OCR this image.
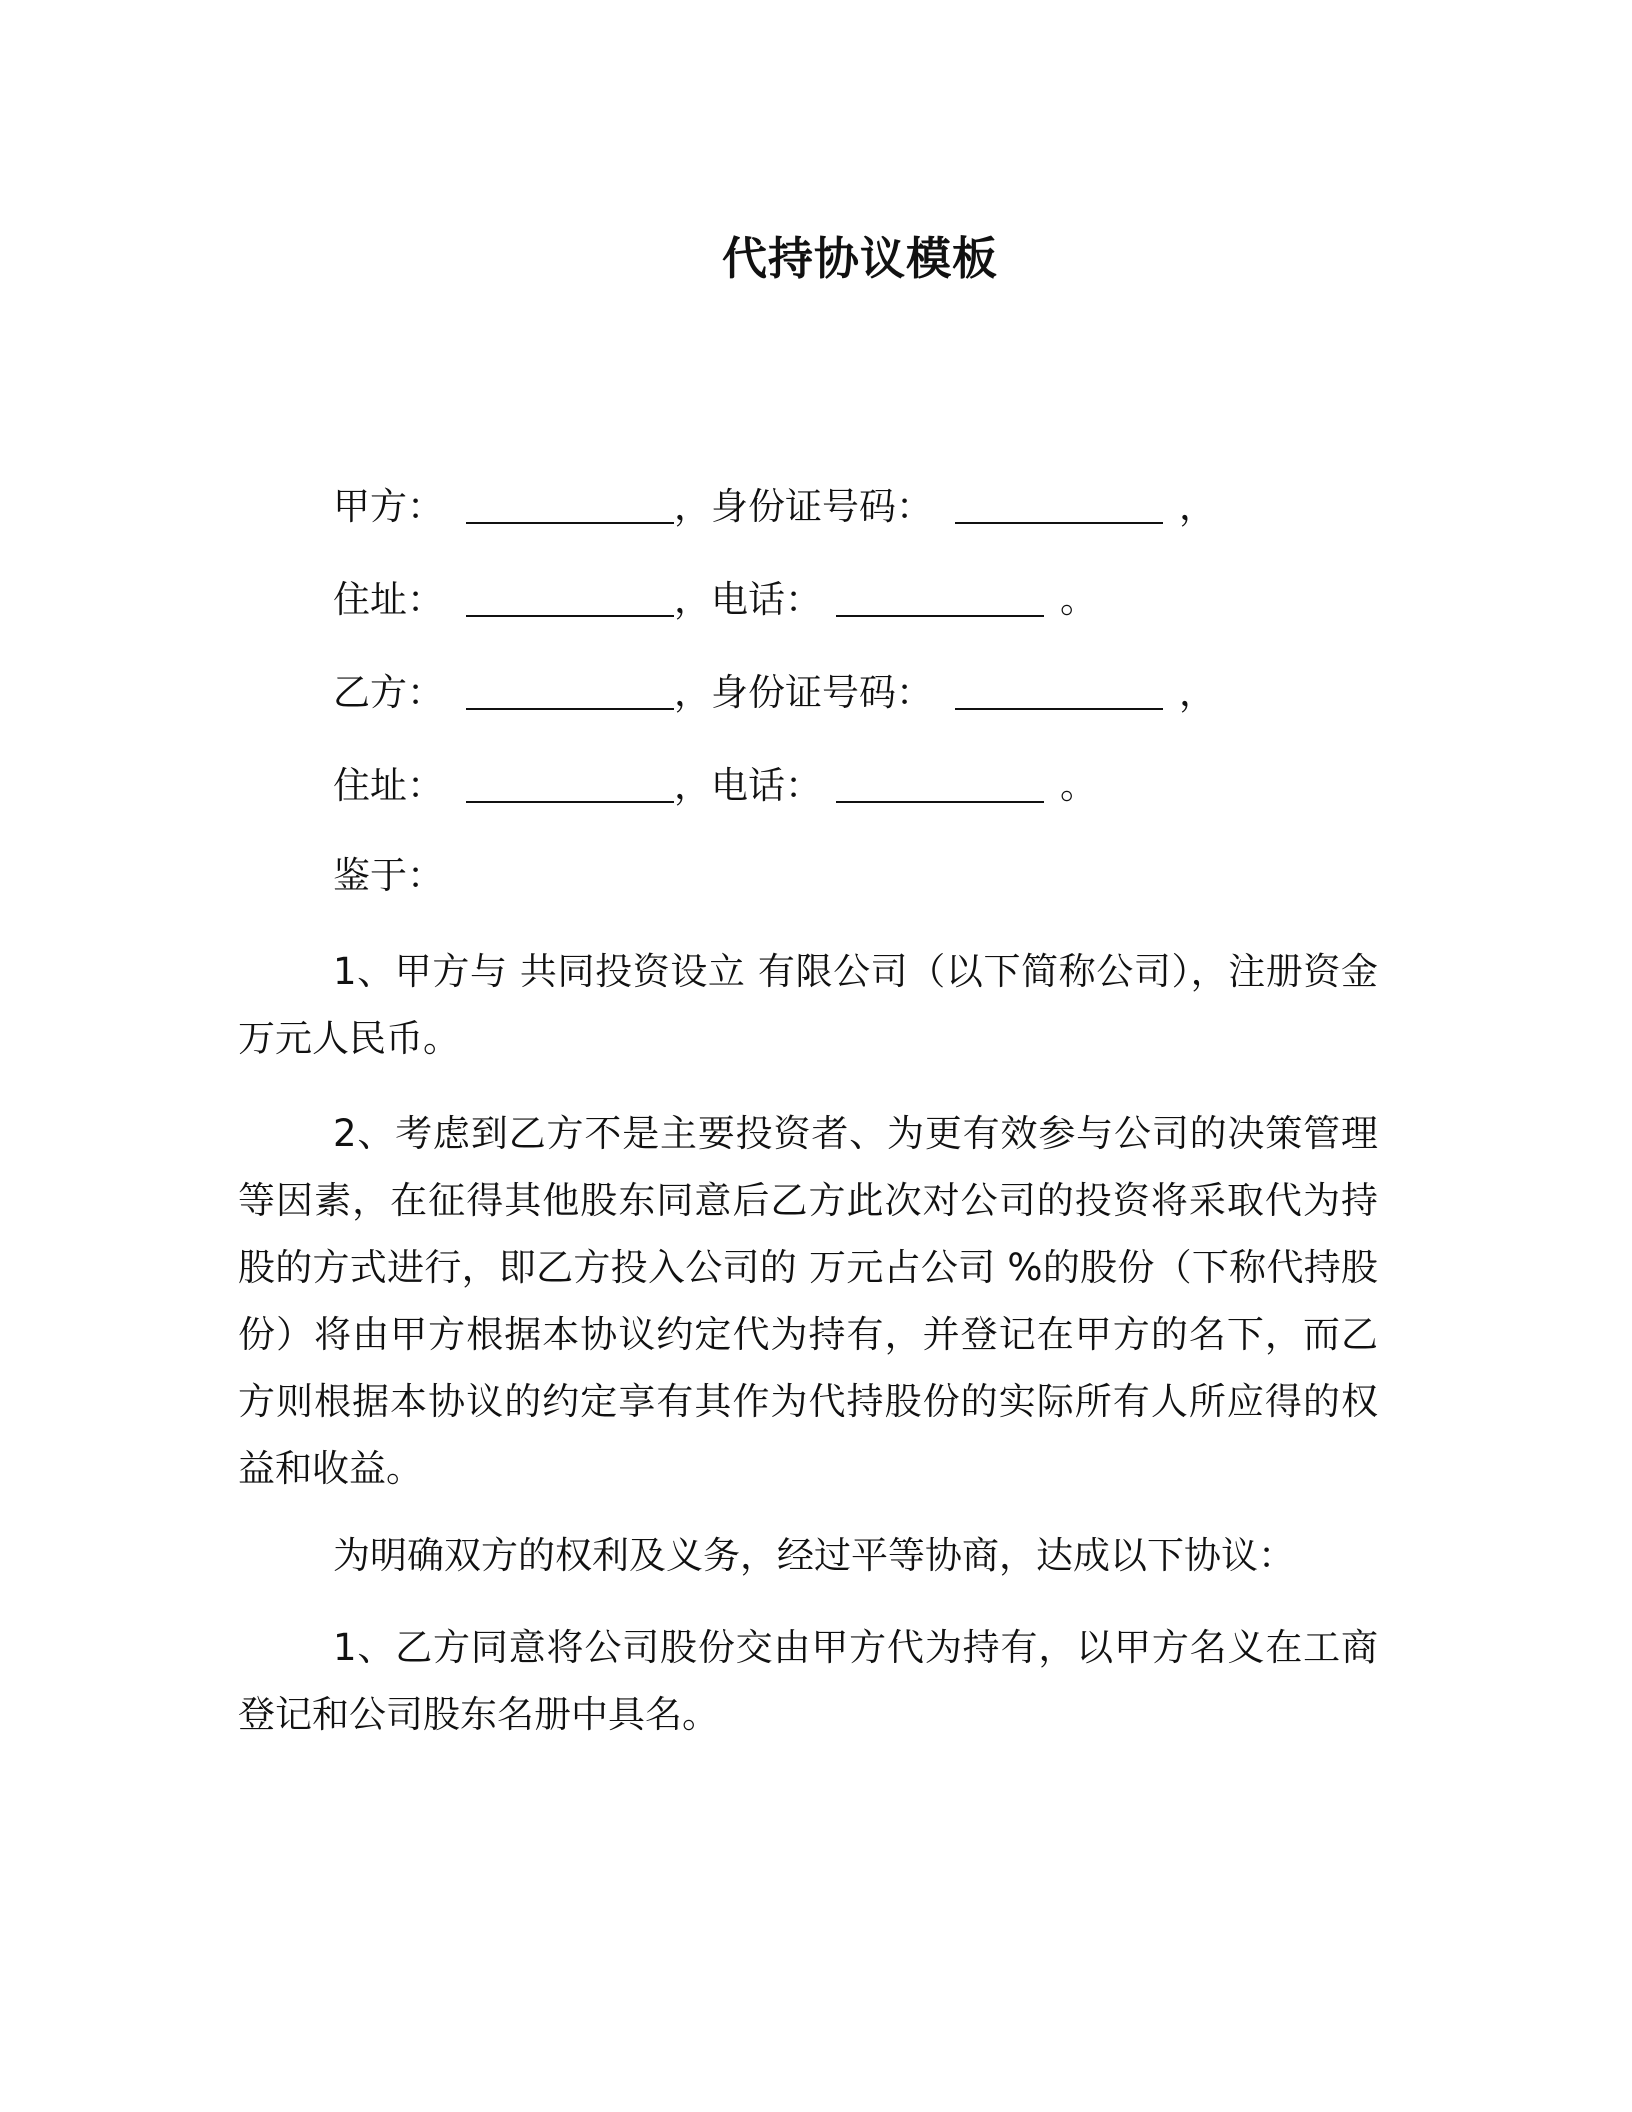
代持协议模板
甲方：	，身份证号码：	，
住址：	，电话：	。
乙方：	，身份证号码：	，
住址：	，电话：	。

鉴于：

1、甲方与 共同投资设立 有限公司（以下简称公司），注册资金 万元人民币。

2、考虑到乙方不是主要投资者、为更有效参与公司的决策管理等因素，在征得其他股东同意后乙方此次对公司的投资将采取代为持股的方式进行，即乙方投入公司的 万元占公司 %的股份（下称代持股份）将由甲方根据本协议约定代为持有，并登记在甲方的名下，而乙方则根据本协议的约定享有其作为代持股份的实际所有人所应得的权益和收益。

为明确双方的权利及义务，经过平等协商，达成以下协议：

1、乙方同意将公司股份交由甲方代为持有，以甲方名义在工商登记和公司股东名册中具名。
